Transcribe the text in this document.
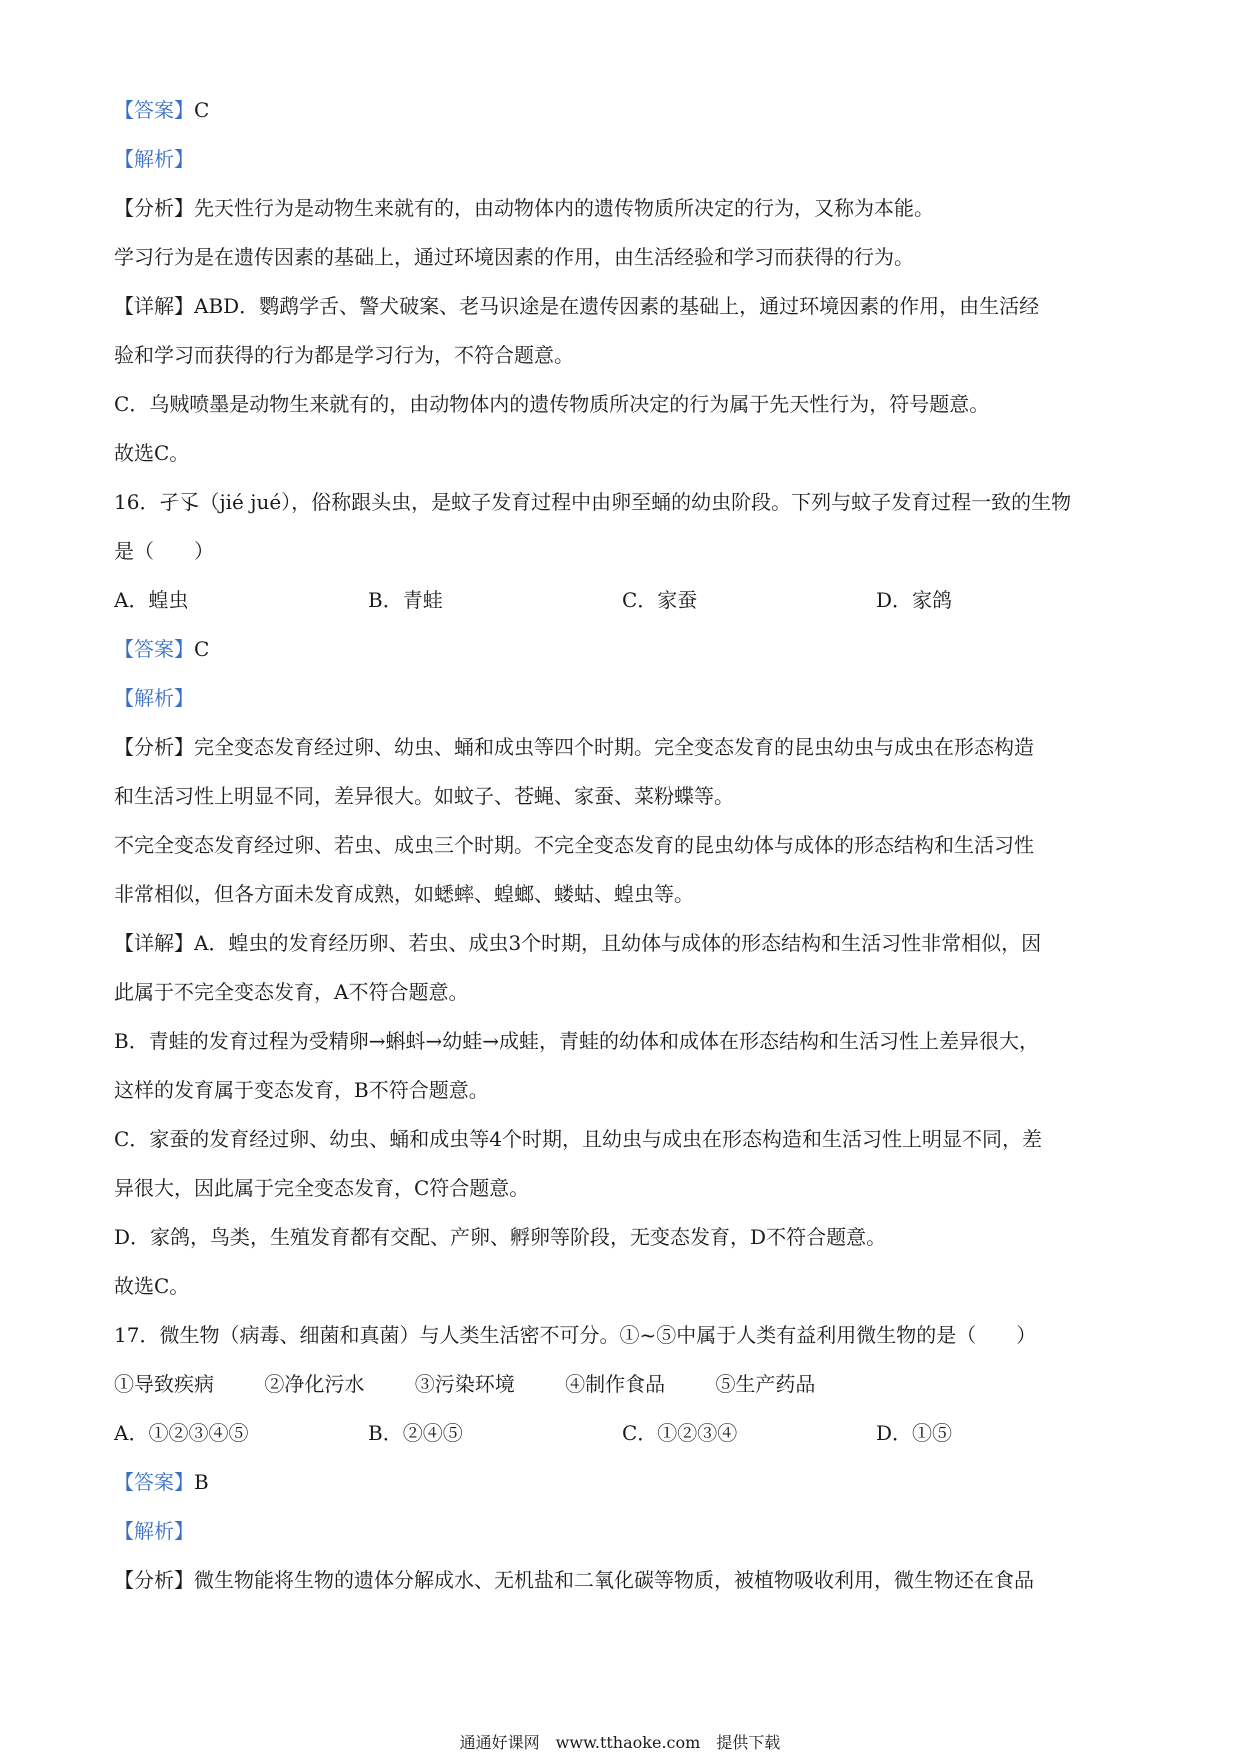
【答案】C
【解析】
【分析】先天性行为是动物生来就有的，由动物体内的遗传物质所决定的行为，又称为本能。
学习行为是在遗传因素的基础上，通过环境因素的作用，由生活经验和学习而获得的行为。
【详解】ABD．鹦鹉学舌、警犬破案、老马识途是在遗传因素的基础上，通过环境因素的作用，由生活经
验和学习而获得的行为都是学习行为，不符合题意。
C．乌贼喷墨是动物生来就有的，由动物体内的遗传物质所决定的行为属于先天性行为，符号题意。
故选C。
16．孑孓（jié jué），俗称跟头虫，是蚊子发育过程中由卵至蛹的幼虫阶段。下列与蚊子发育过程一致的生物
是（　　）
A．蝗虫	B．青蛙	C．家蚕	D．家鸽
【答案】C
【解析】
【分析】完全变态发育经过卵、幼虫、蛹和成虫等四个时期。完全变态发育的昆虫幼虫与成虫在形态构造
和生活习性上明显不同，差异很大。如蚊子、苍蝇、家蚕、菜粉蝶等。
不完全变态发育经过卵、若虫、成虫三个时期。不完全变态发育的昆虫幼体与成体的形态结构和生活习性
非常相似，但各方面未发育成熟，如蟋蟀、蝗螂、蝼蛄、蝗虫等。
【详解】A．蝗虫的发育经历卵、若虫、成虫3个时期，且幼体与成体的形态结构和生活习性非常相似，因
此属于不完全变态发育，A不符合题意。
B．青蛙的发育过程为受精卵→蝌蚪→幼蛙→成蛙，青蛙的幼体和成体在形态结构和生活习性上差异很大，
这样的发育属于变态发育，B不符合题意。
C．家蚕的发育经过卵、幼虫、蛹和成虫等4个时期，且幼虫与成虫在形态构造和生活习性上明显不同，差
异很大，因此属于完全变态发育，C符合题意。
D．家鸽，鸟类，生殖发育都有交配、产卵、孵卵等阶段，无变态发育，D不符合题意。
故选C。
17．微生物（病毒、细菌和真菌）与人类生活密不可分。①~⑤中属于人类有益利用微生物的是（　　）
①导致疾病	②净化污水	③污染环境	④制作食品	⑤生产药品
A．①②③④⑤	B．②④⑤	C．①②③④	D．①⑤
【答案】B
【解析】
【分析】微生物能将生物的遗体分解成水、无机盐和二氧化碳等物质，被植物吸收利用，微生物还在食品
通通好课网　www.tthaoke.com　提供下载
